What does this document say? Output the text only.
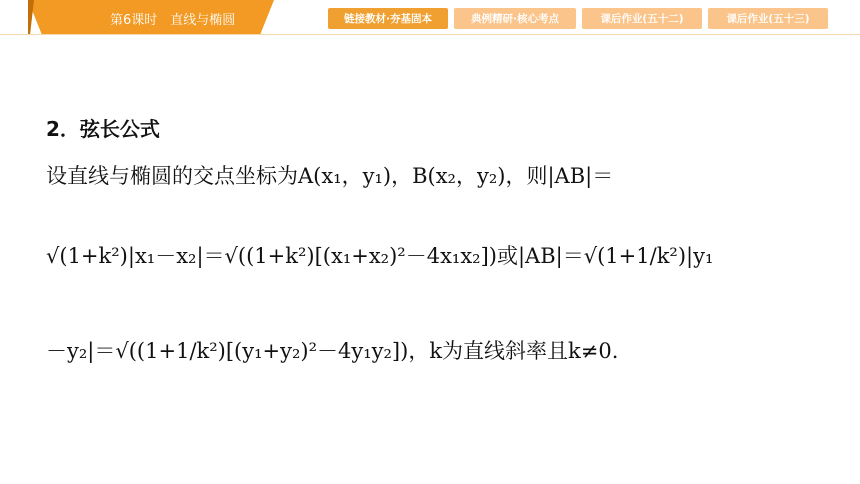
第6课时　直线与椭圆	链接教材·夯基固本	典例精研·核心考点	课后作业(五十二)	课后作业(五十三)
2．弦长公式
设直线与椭圆的交点坐标为A(x₁，y₁)，B(x₂，y₂)，则|AB|＝
√(1+k²)|x₁－x₂|＝√((1+k²)[(x₁+x₂)²－4x₁x₂])或|AB|＝√(1+1/k²)|y₁
－y₂|＝√((1+1/k²)[(y₁+y₂)²－4y₁y₂])，k为直线斜率且k≠0.
